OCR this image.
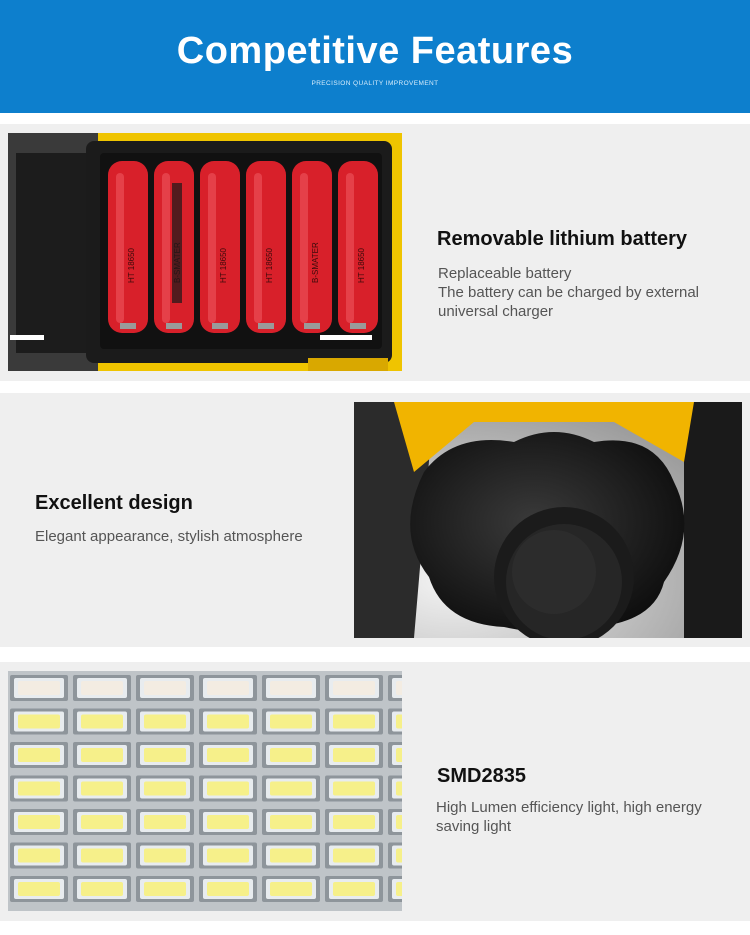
Competitive Features
PRECISION QUALITY IMPROVEMENT
HT 18650	HT 18650	HT 18650	B-SMATER	HT 18650
Removable lithium battery
Replaceable battery
The battery can be charged by external
universal charger
Excellent design
Elegant appearance, stylish atmosphere
SMD2835
High Lumen efficiency light, high energy
saving light
